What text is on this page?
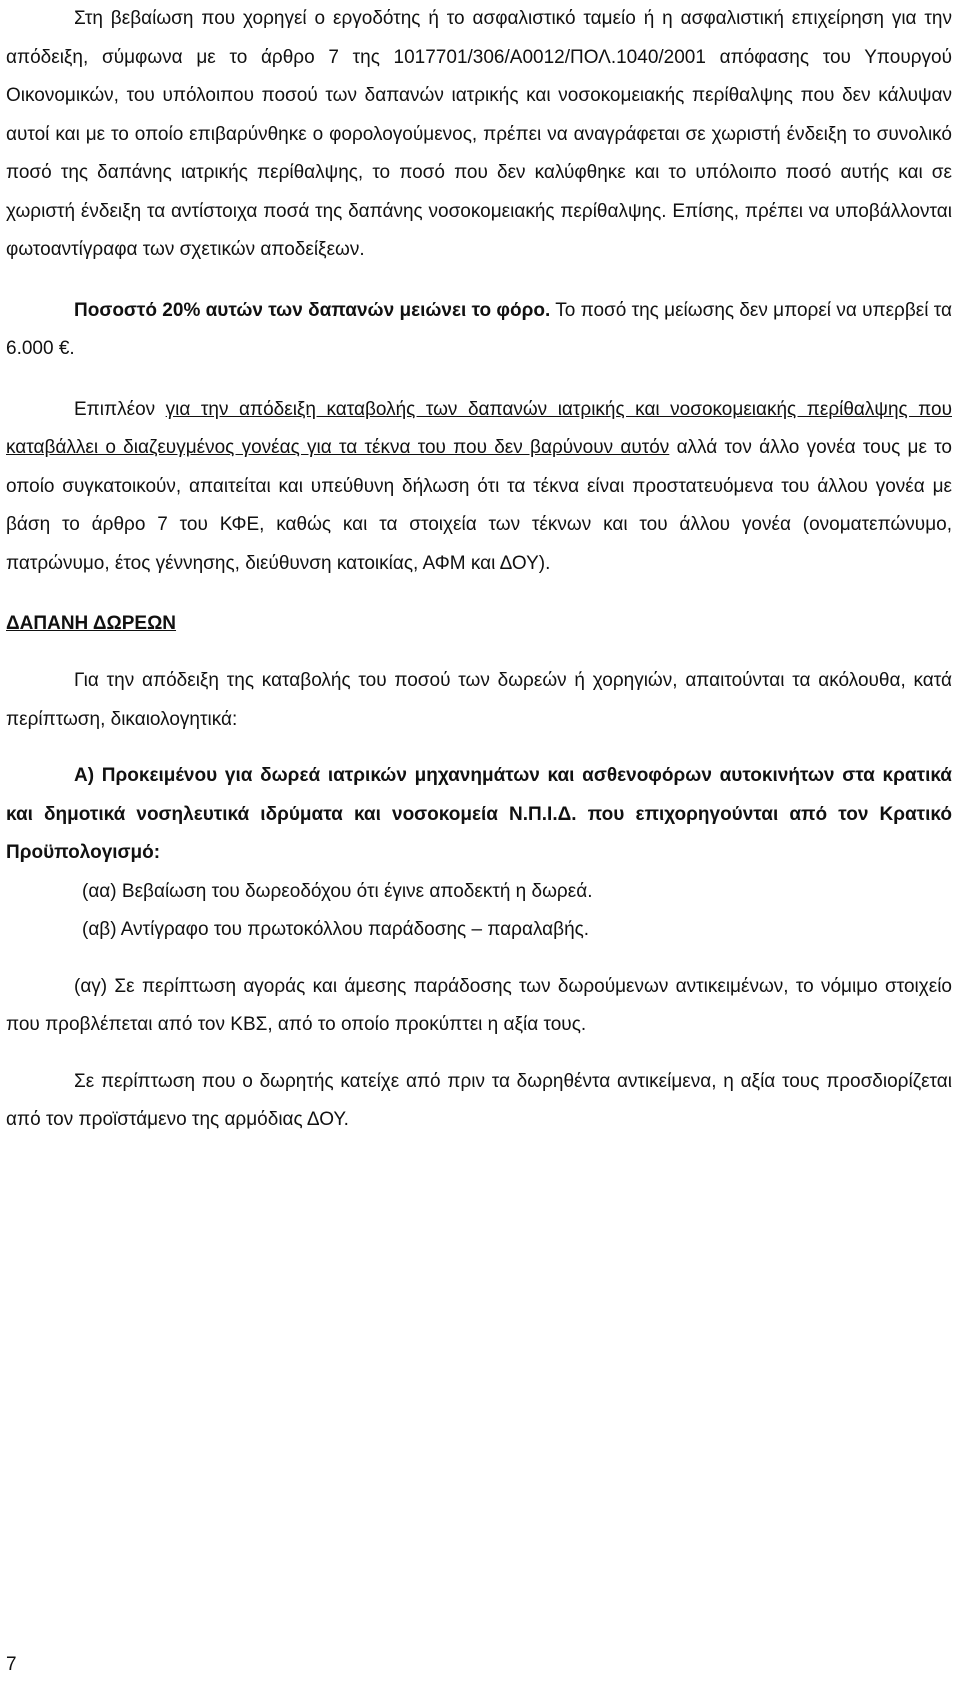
Στη βεβαίωση που χορηγεί ο εργοδότης ή το ασφαλιστικό ταμείο ή η ασφαλιστική επιχείρηση για την απόδειξη, σύμφωνα με το άρθρο 7 της 1017701/306/Α0012/ΠΟΛ.1040/2001 απόφασης του Υπουργού Οικονομικών, του υπόλοιπου ποσού των δαπανών ιατρικής και νοσοκομειακής περίθαλψης που δεν κάλυψαν αυτοί και με το οποίο επιβαρύνθηκε ο φορολογούμενος, πρέπει να αναγράφεται σε χωριστή ένδειξη το συνολικό ποσό της δαπάνης ιατρικής περίθαλψης, το ποσό που δεν καλύφθηκε και το υπόλοιπο ποσό αυτής και σε χωριστή ένδειξη τα αντίστοιχα ποσά της δαπάνης νοσοκομειακής περίθαλψης. Επίσης, πρέπει να υποβάλλονται φωτοαντίγραφα των σχετικών αποδείξεων.

Ποσοστό 20% αυτών των δαπανών μειώνει το φόρο. Το ποσό της μείωσης δεν μπορεί να υπερβεί τα 6.000 €.

Επιπλέον για την απόδειξη καταβολής των δαπανών ιατρικής και νοσοκομειακής περίθαλψης που καταβάλλει ο διαζευγμένος γονέας για τα τέκνα του που δεν βαρύνουν αυτόν αλλά τον άλλο γονέα τους με το οποίο συγκατοικούν, απαιτείται και υπεύθυνη δήλωση ότι τα τέκνα είναι προστατευόμενα του άλλου γονέα με βάση το άρθρο 7 του ΚΦΕ, καθώς και τα στοιχεία των τέκνων και του άλλου γονέα (ονοματεπώνυμο, πατρώνυμο, έτος γέννησης, διεύθυνση κατοικίας, ΑΦΜ και ΔΟΥ).

ΔΑΠΑΝΗ ΔΩΡΕΩΝ

Για την απόδειξη της καταβολής του ποσού των δωρεών ή χορηγιών, απαιτούνται τα ακόλουθα, κατά περίπτωση, δικαιολογητικά:

Α) Προκειμένου για δωρεά ιατρικών μηχανημάτων και ασθενοφόρων αυτοκινήτων στα κρατικά και δημοτικά νοσηλευτικά ιδρύματα και νοσοκομεία Ν.Π.Ι.Δ. που επιχορηγούνται από τον Κρατικό Προϋπολογισμό:

(αα) Βεβαίωση του δωρεοδόχου ότι έγινε αποδεκτή η δωρεά.

(αβ) Αντίγραφο του πρωτοκόλλου παράδοσης – παραλαβής.

(αγ) Σε περίπτωση αγοράς και άμεσης παράδοσης των δωρούμενων αντικειμένων, το νόμιμο στοιχείο που προβλέπεται από τον ΚΒΣ, από το οποίο προκύπτει η αξία τους.

Σε περίπτωση που ο δωρητής κατείχε από πριν τα δωρηθέντα αντικείμενα, η αξία τους προσδιορίζεται από τον προϊστάμενο της αρμόδιας ΔΟΥ.

7
